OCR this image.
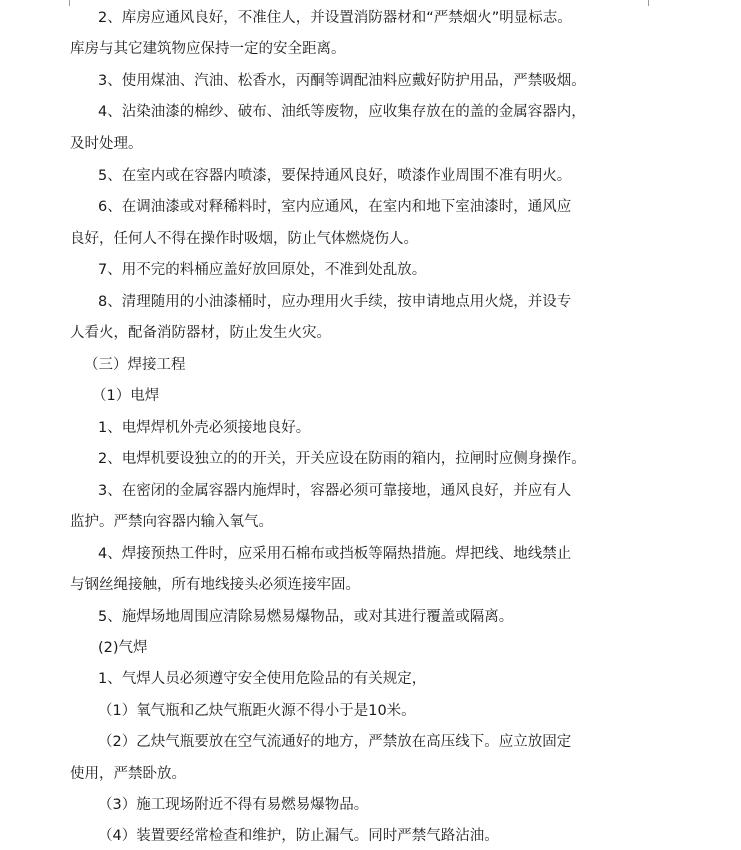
2、库房应通风良好，不准住人，并设置消防器材和“严禁烟火”明显标志。
库房与其它建筑物应保持一定的安全距离。
3、使用煤油、汽油、松香水，丙酮等调配油料应戴好防护用品，严禁吸烟。
4、沾染油漆的棉纱、破布、油纸等废物，应收集存放在的盖的金属容器内，
及时处理。
5、在室内或在容器内喷漆，要保持通风良好，喷漆作业周围不准有明火。
6、在调油漆或对释稀料时，室内应通风，在室内和地下室油漆时，通风应
良好，任何人不得在操作时吸烟，防止气体燃烧伤人。
7、用不完的料桶应盖好放回原处，不准到处乱放。
8、清理随用的小油漆桶时，应办理用火手续，按申请地点用火烧，并设专
人看火，配备消防器材，防止发生火灾。
（三）焊接工程
（1）电焊
1、电焊焊机外壳必须接地良好。
2、电焊机要设独立的的开关，开关应设在防雨的箱内，拉闸时应侧身操作。
3、在密闭的金属容器内施焊时，容器必须可靠接地，通风良好，并应有人
监护。严禁向容器内输入氧气。
4、焊接预热工件时，应采用石棉布或挡板等隔热措施。焊把线、地线禁止
与钢丝绳接触，所有地线接头必须连接牢固。
5、施焊场地周围应清除易燃易爆物品，或对其进行覆盖或隔离。
(2)气焊
1、气焊人员必须遵守安全使用危险品的有关规定，
（1）氧气瓶和乙炔气瓶距火源不得小于是10米。
（2）乙炔气瓶要放在空气流通好的地方，严禁放在高压线下。应立放固定
使用，严禁卧放。
（3）施工现场附近不得有易燃易爆物品。
（4）装置要经常检查和维护，防止漏气。同时严禁气路沾油。
